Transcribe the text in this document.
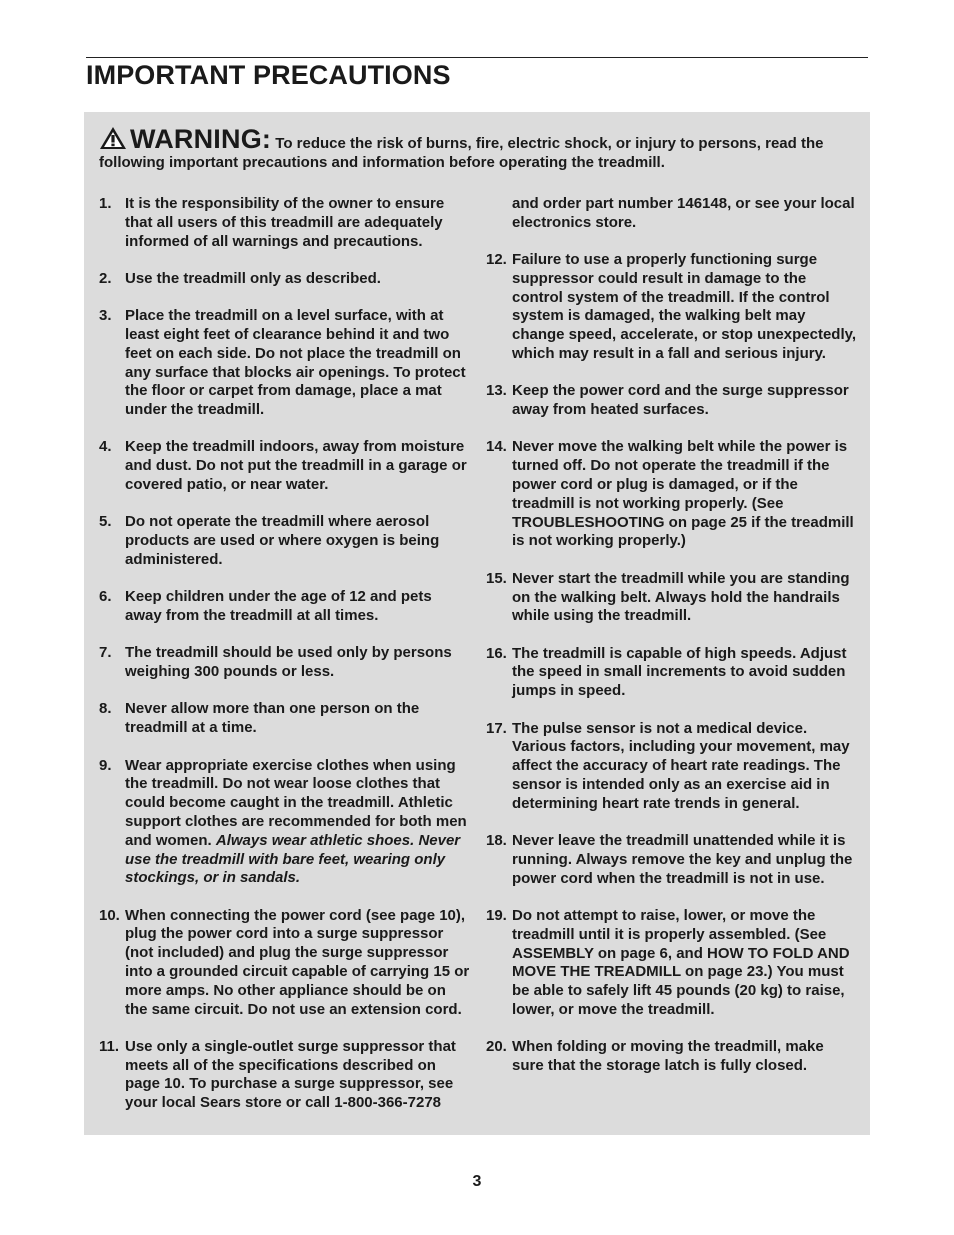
IMPORTANT PRECAUTIONS
WARNING: To reduce the risk of burns, fire, electric shock, or injury to persons, read the following important precautions and information before operating the treadmill.
1. It is the responsibility of the owner to ensure that all users of this treadmill are adequately informed of all warnings and precautions.
2. Use the treadmill only as described.
3. Place the treadmill on a level surface, with at least eight feet of clearance behind it and two feet on each side. Do not place the treadmill on any surface that blocks air openings. To protect the floor or carpet from damage, place a mat under the treadmill.
4. Keep the treadmill indoors, away from moisture and dust. Do not put the treadmill in a garage or covered patio, or near water.
5. Do not operate the treadmill where aerosol products are used or where oxygen is being administered.
6. Keep children under the age of 12 and pets away from the treadmill at all times.
7. The treadmill should be used only by persons weighing 300 pounds or less.
8. Never allow more than one person on the treadmill at a time.
9. Wear appropriate exercise clothes when using the treadmill. Do not wear loose clothes that could become caught in the treadmill. Athletic support clothes are recommended for both men and women. Always wear athletic shoes. Never use the treadmill with bare feet, wearing only stockings, or in sandals.
10. When connecting the power cord (see page 10), plug the power cord into a surge suppressor (not included) and plug the surge suppressor into a grounded circuit capable of carrying 15 or more amps. No other appliance should be on the same circuit. Do not use an extension cord.
11. Use only a single-outlet surge suppressor that meets all of the specifications described on page 10. To purchase a surge suppressor, see your local Sears store or call 1-800-366-7278
and order part number 146148, or see your local electronics store.
12. Failure to use a properly functioning surge suppressor could result in damage to the control system of the treadmill. If the control system is damaged, the walking belt may change speed, accelerate, or stop unexpectedly, which may result in a fall and serious injury.
13. Keep the power cord and the surge suppressor away from heated surfaces.
14. Never move the walking belt while the power is turned off. Do not operate the treadmill if the power cord or plug is damaged, or if the treadmill is not working properly. (See TROUBLESHOOTING on page 25 if the treadmill is not working properly.)
15. Never start the treadmill while you are standing on the walking belt. Always hold the handrails while using the treadmill.
16. The treadmill is capable of high speeds. Adjust the speed in small increments to avoid sudden jumps in speed.
17. The pulse sensor is not a medical device. Various factors, including your movement, may affect the accuracy of heart rate readings. The sensor is intended only as an exercise aid in determining heart rate trends in general.
18. Never leave the treadmill unattended while it is running. Always remove the key and unplug the power cord when the treadmill is not in use.
19. Do not attempt to raise, lower, or move the treadmill until it is properly assembled. (See ASSEMBLY on page 6, and HOW TO FOLD AND MOVE THE TREADMILL on page 23.) You must be able to safely lift 45 pounds (20 kg) to raise, lower, or move the treadmill.
20. When folding or moving the treadmill, make sure that the storage latch is fully closed.
3
